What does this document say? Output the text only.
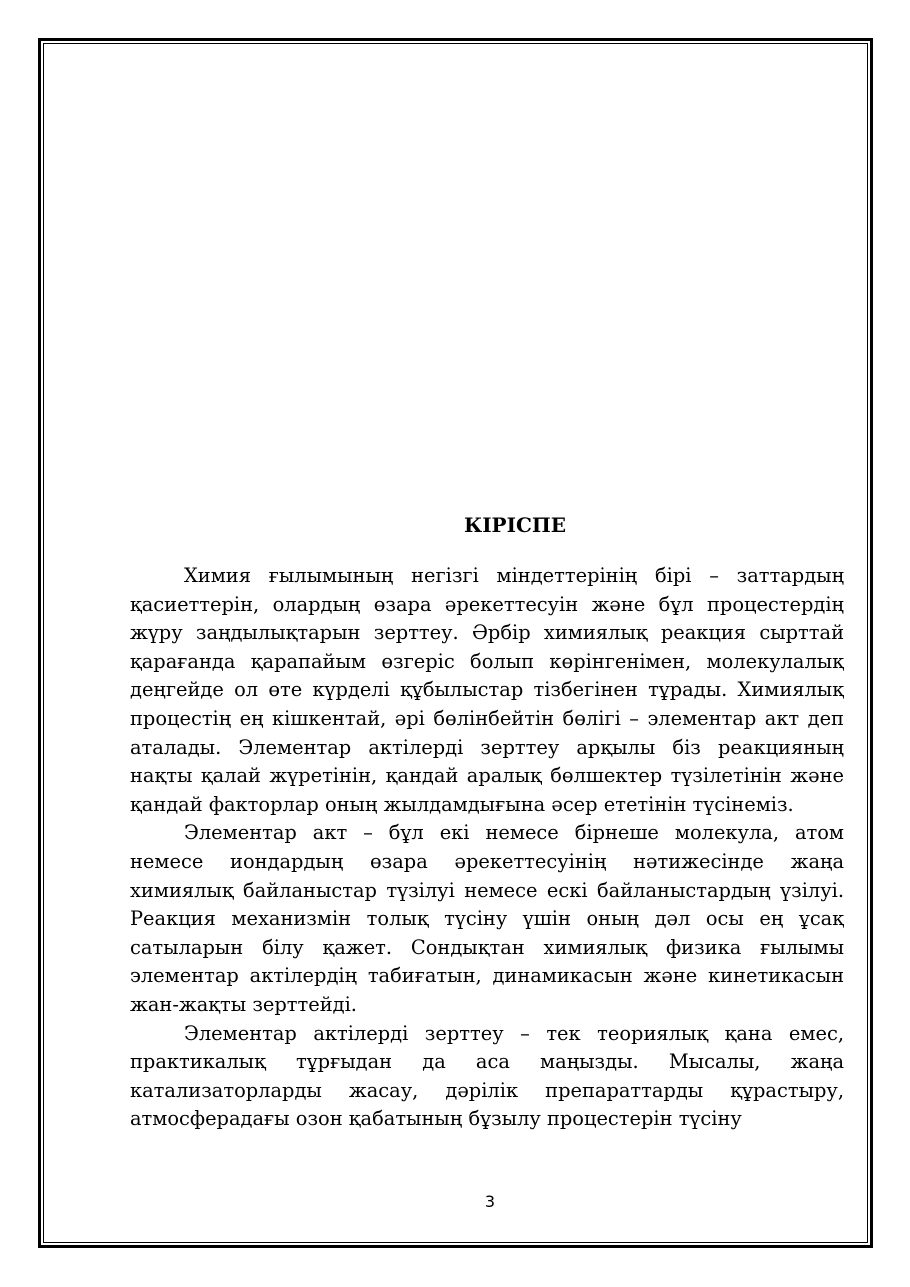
КІРІСПЕ

Химия ғылымының негізгі міндеттерінің бірі – заттардың қасиеттерін, олардың өзара әрекеттесуін және бұл процестердің жүру заңдылықтарын зерттеу. Әрбір химиялық реакция сырттай қарағанда қарапайым өзгеріс болып көрінгенімен, молекулалық деңгейде ол өте күрделі құбылыстар тізбегінен тұрады. Химиялық процестің ең кішкентай, әрі бөлінбейтін бөлігі – элементар акт деп аталады. Элементар актілерді зерттеу арқылы біз реакцияның нақты қалай жүретінін, қандай аралық бөлшектер түзілетінін және қандай факторлар оның жылдамдығына әсер ететінін түсінеміз.

Элементар акт – бұл екі немесе бірнеше молекула, атом немесе иондардың өзара әрекеттесуінің нәтижесінде жаңа химиялық байланыстар түзілуі немесе ескі байланыстардың үзілуі. Реакция механизмін толық түсіну үшін оның дәл осы ең ұсақ сатыларын білу қажет. Сондықтан химиялық физика ғылымы элементар актілердің табиғатын, динамикасын және кинетикасын жан-жақты зерттейді.

Элементар актілерді зерттеу – тек теориялық қана емес, практикалық тұрғыдан да аса маңызды. Мысалы, жаңа катализаторларды жасау, дәрілік препараттарды құрастыру, атмосферадағы озон қабатының бұзылу процестерін түсіну

3
